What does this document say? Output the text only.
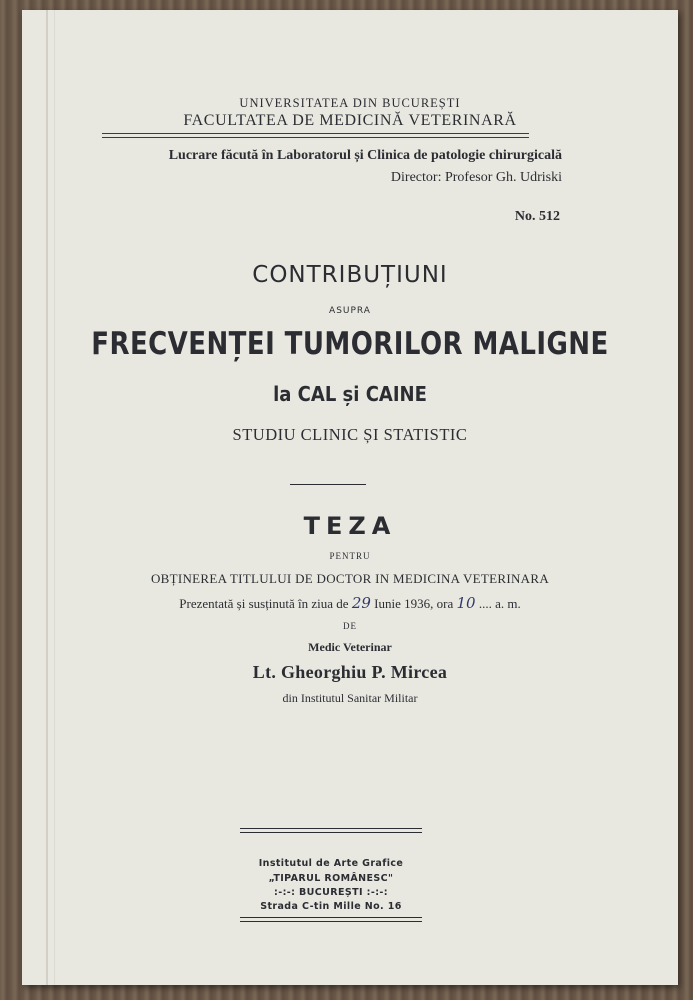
UNIVERSITATEA DIN BUCUREȘTI
FACULTATEA DE MEDICINĂ VETERINARĂ
Lucrare făcută în Laboratorul și Clinica de patologie chirurgicală
Director: Profesor Gh. Udriski
No. 512
CONTRIBUȚIUNI
ASUPRA
FRECVENȚEI TUMORILOR MALIGNE
la CAL și CAINE
STUDIU CLINIC ȘI STATISTIC
TEZA
PENTRU
OBȚINEREA TITLULUI DE DOCTOR IN MEDICINA VETERINARA
Prezentată și susținută în ziua de 29 Iunie 1936, ora 10 .... a. m.
DE
Medic Veterinar
Lt. Gheorghiu P. Mircea
din Institutul Sanitar Militar
Institutul de Arte Grafice
„TIPARUL ROMÂNESC"
:-:-: BUCUREȘTI :-:-:
Strada C-tin Mille No. 16
